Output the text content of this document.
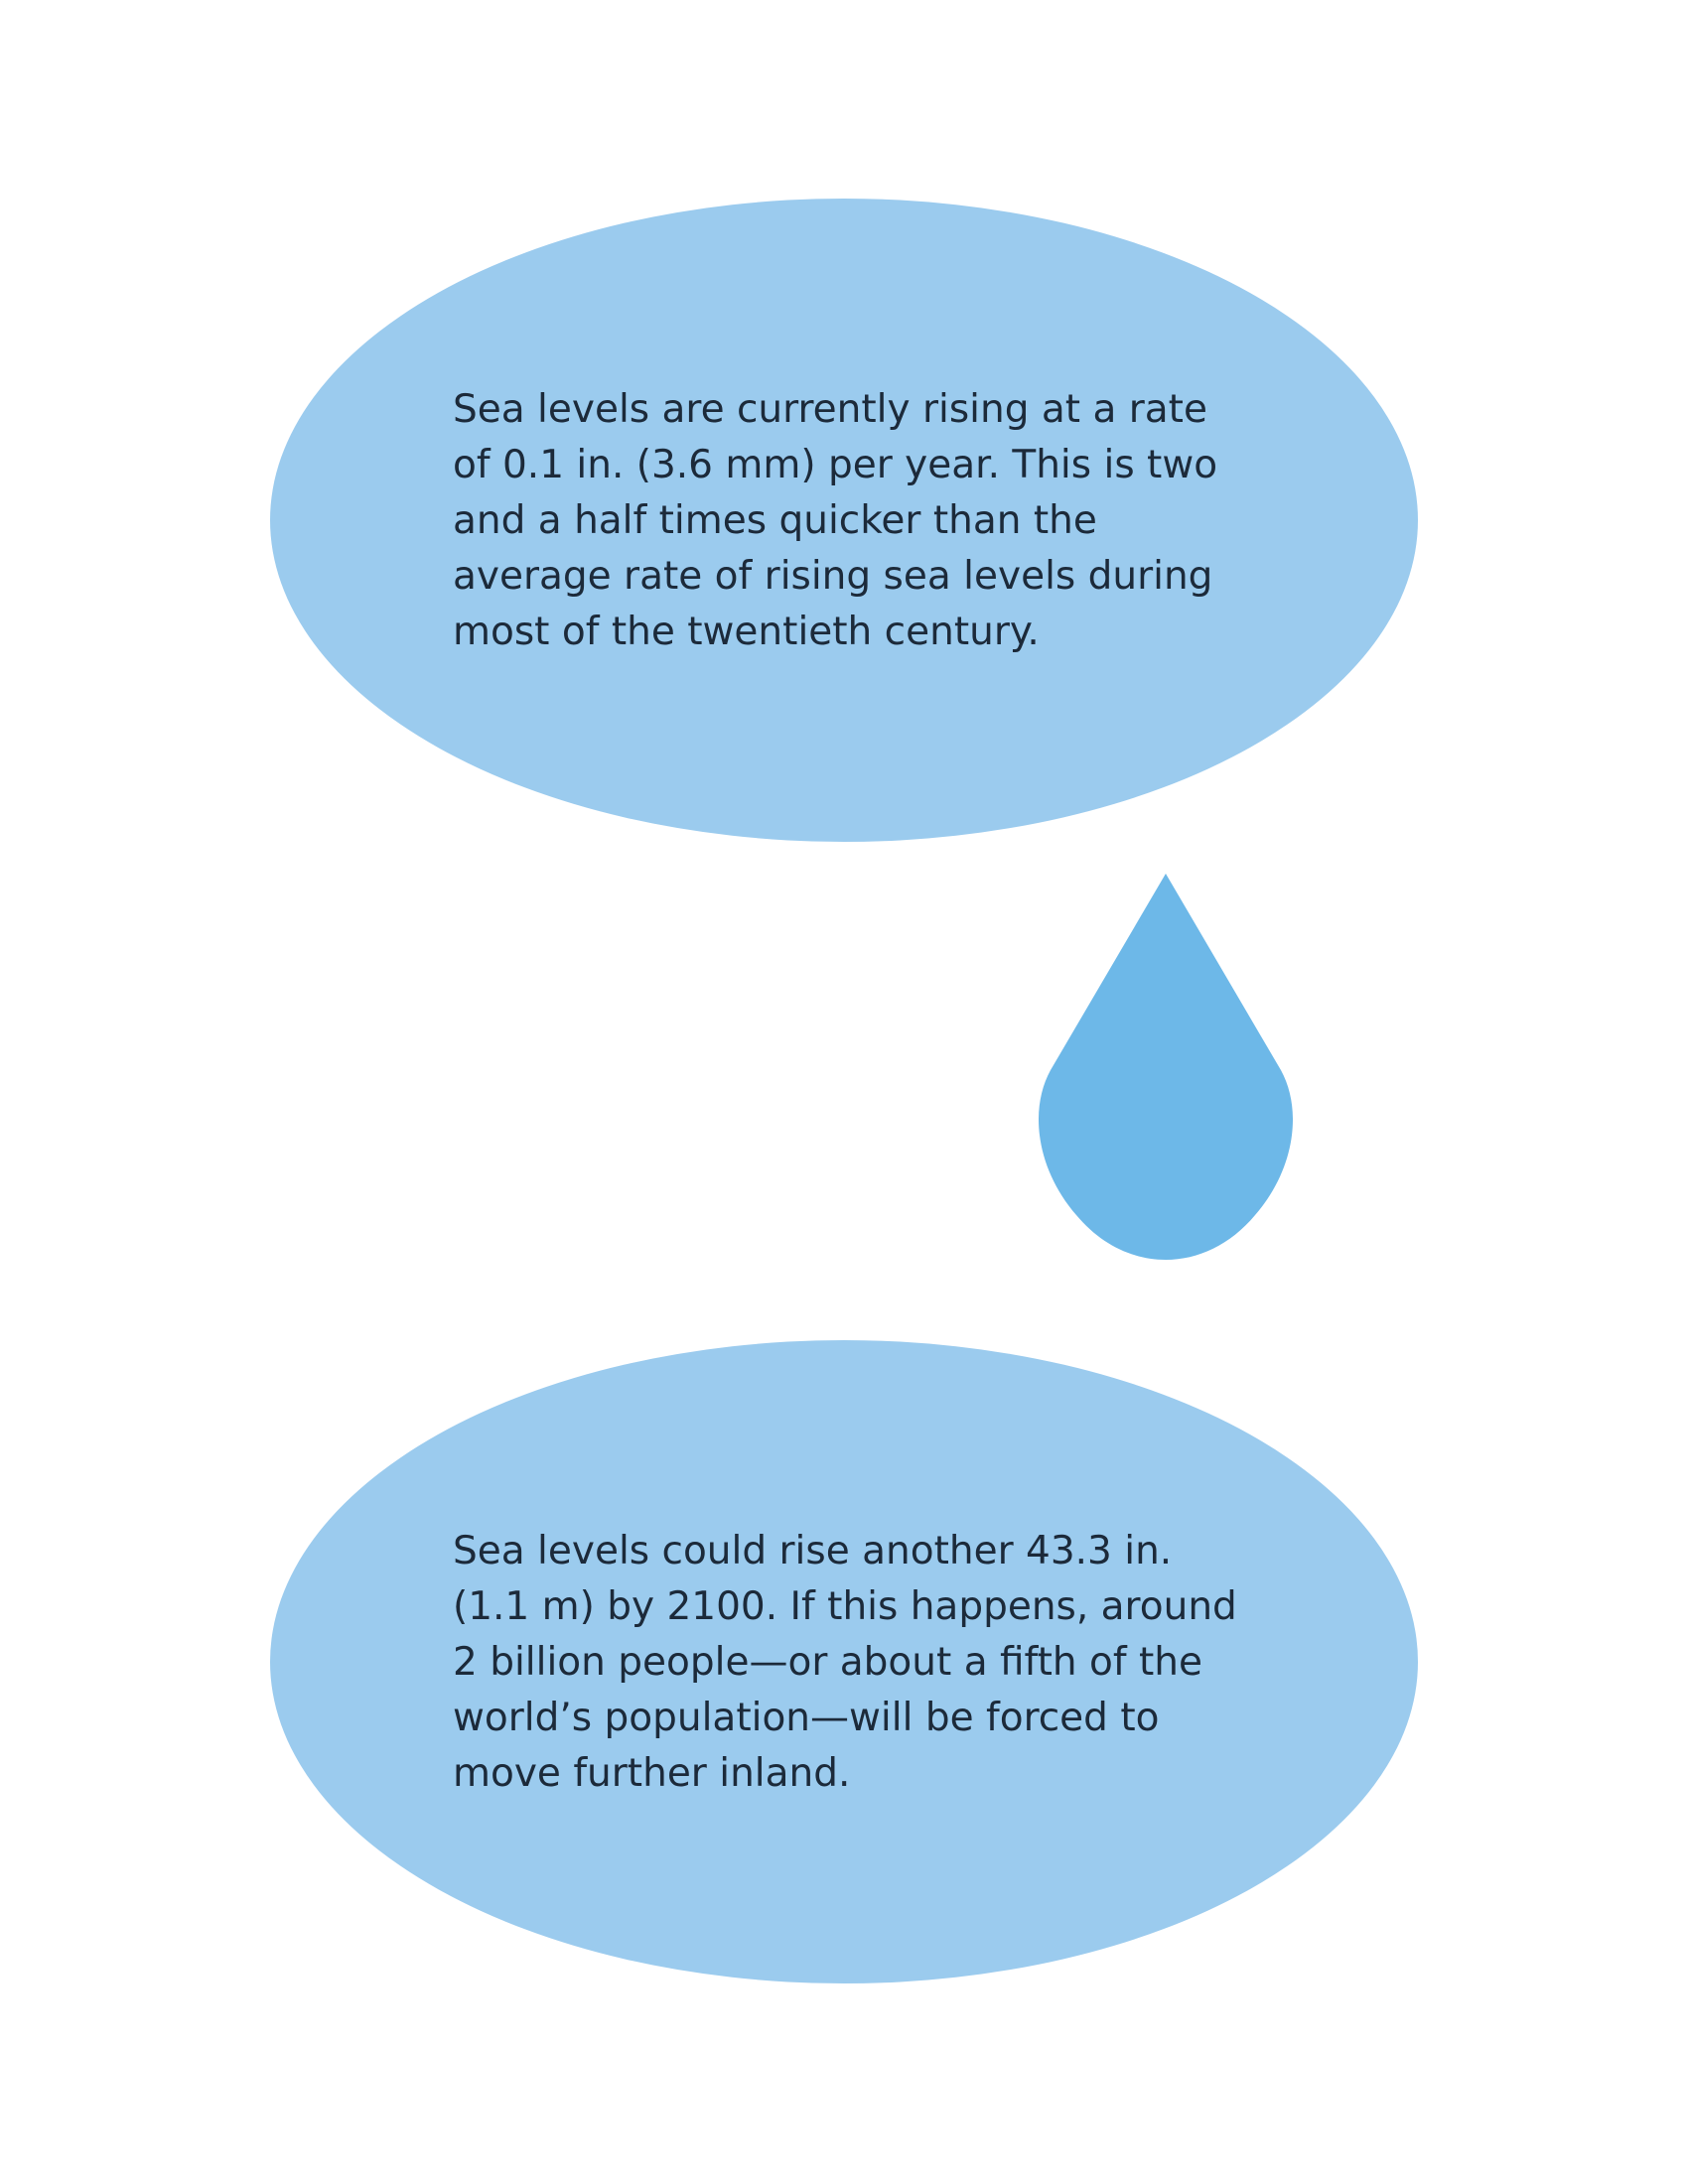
Sea levels are currently rising at a rate of 0.1 in. (3.6 mm) per year. This is two and a half times quicker than the average rate of rising sea levels during most of the twentieth century.

Sea levels could rise another 43.3 in. (1.1 m) by 2100. If this happens, around 2 billion people—or about a fifth of the world’s population—will be forced to move further inland.
